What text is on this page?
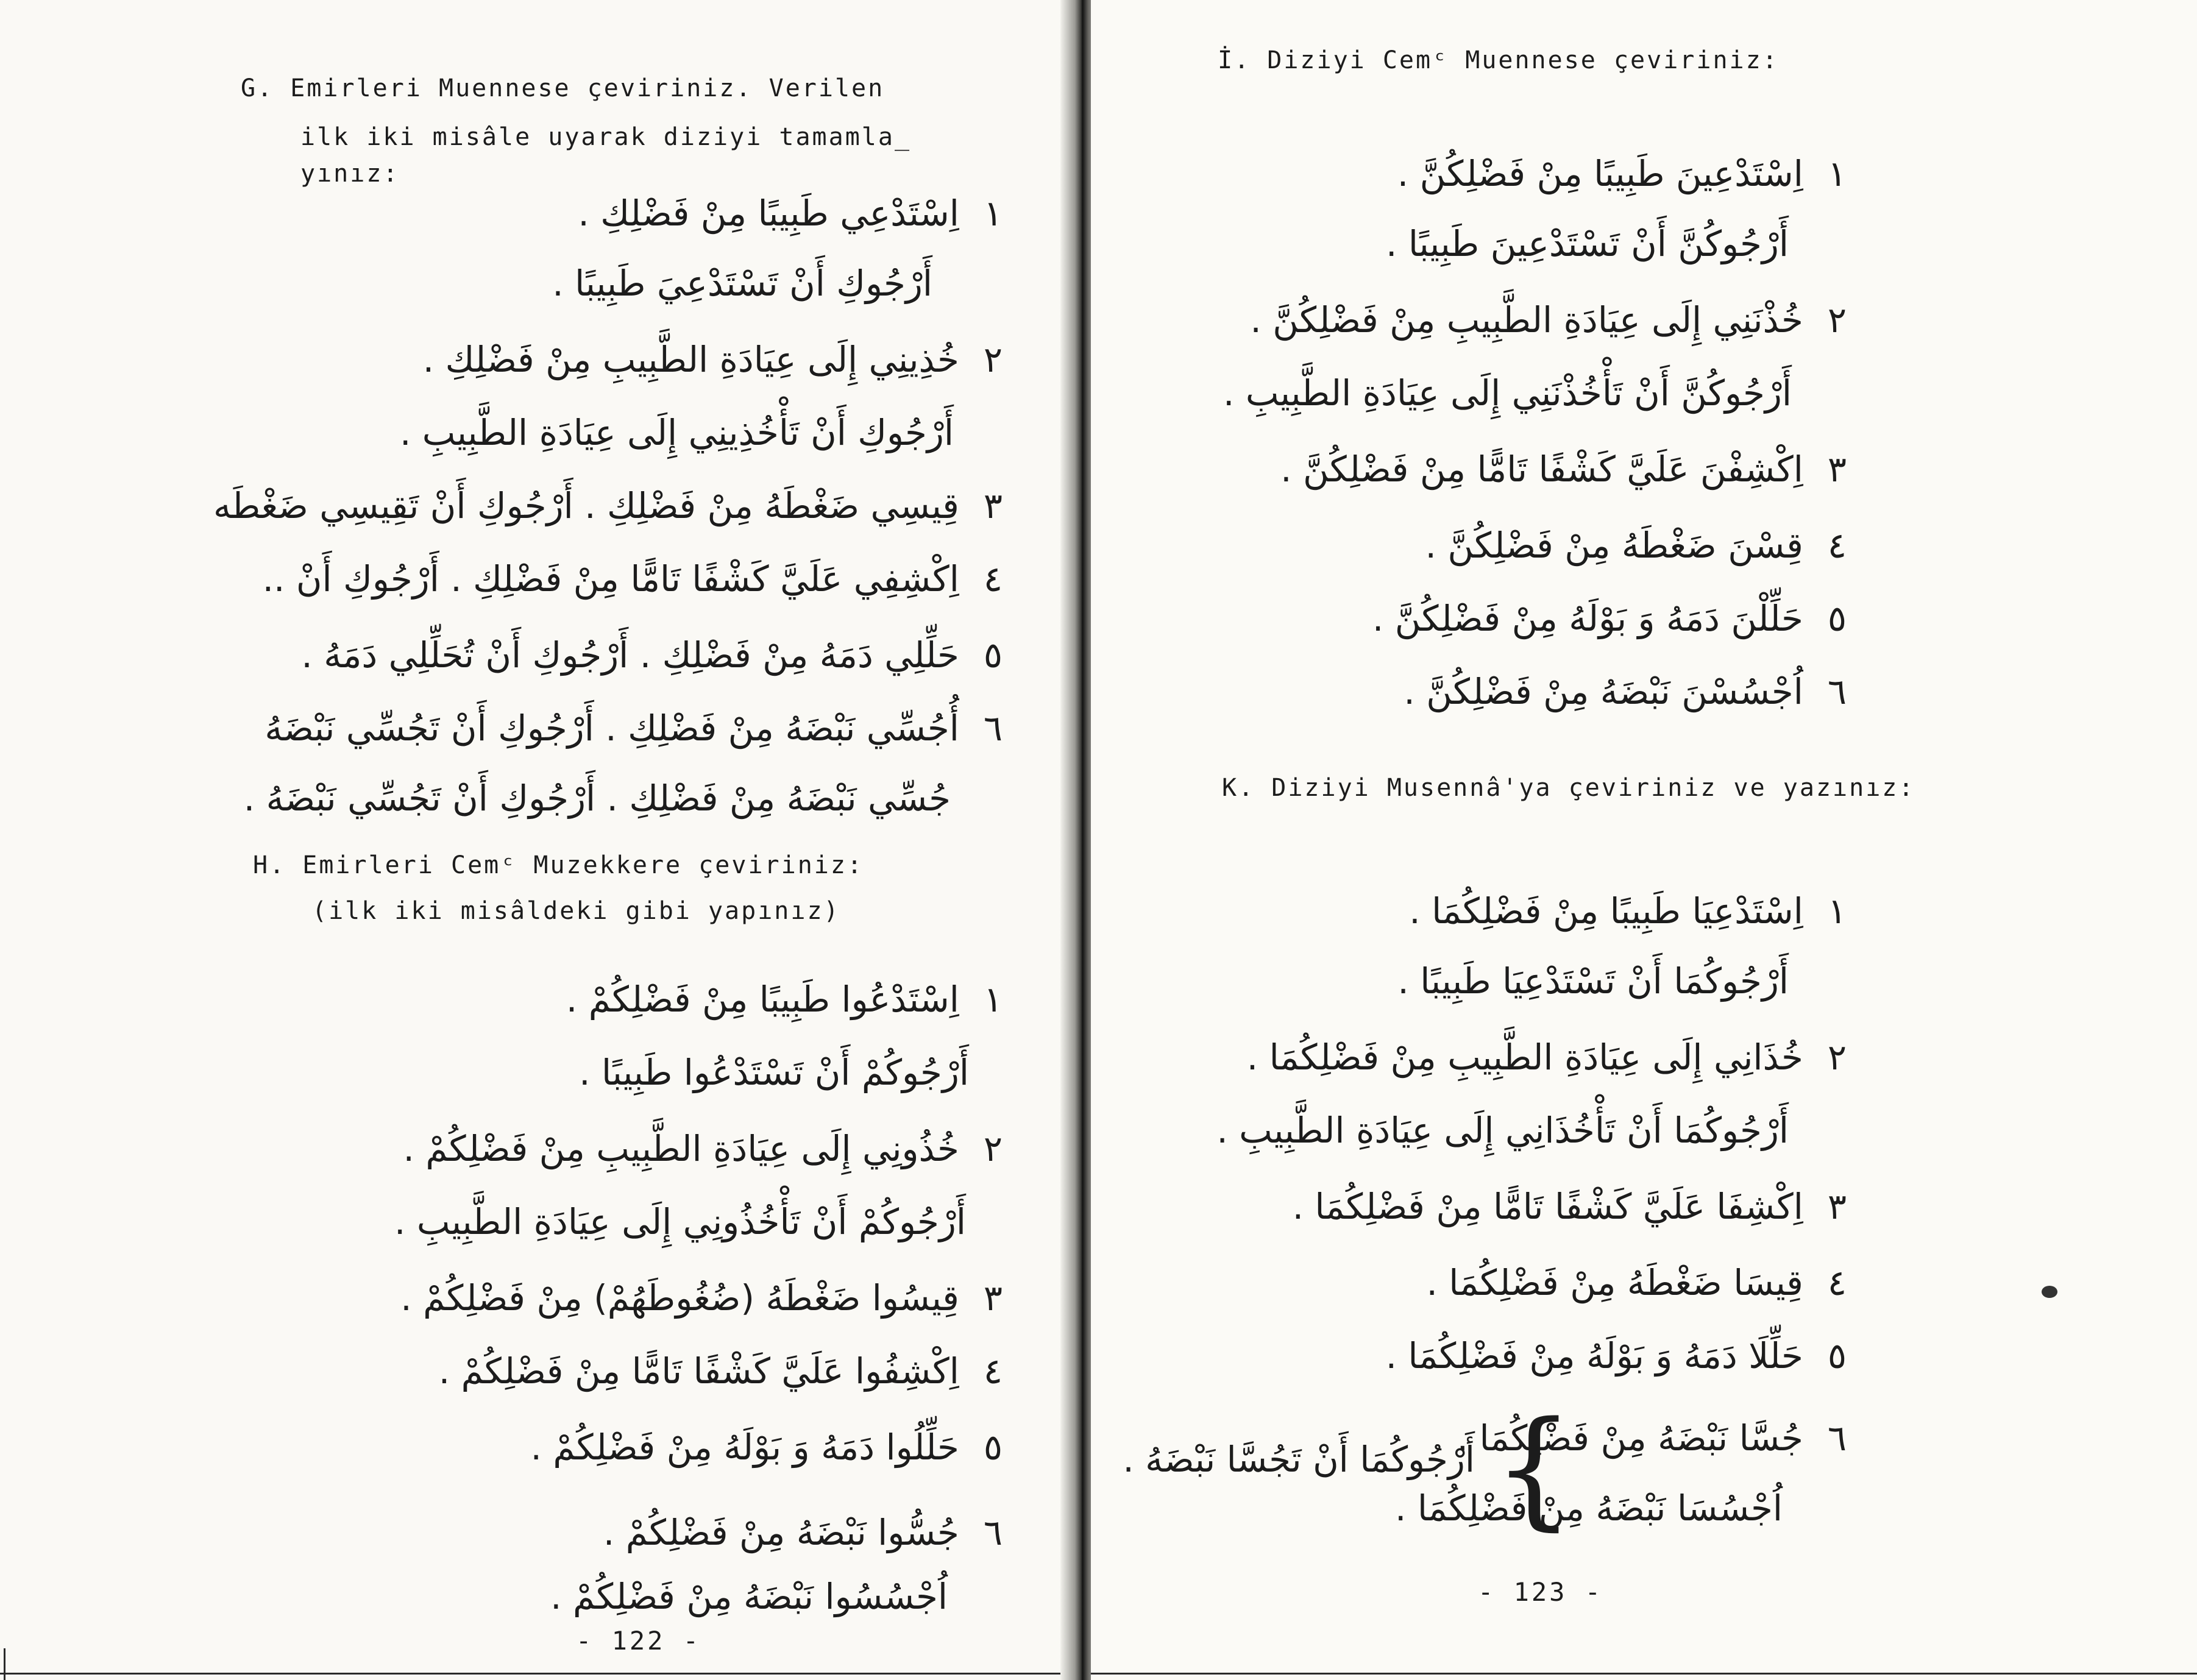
G. Emirleri Muennese çeviriniz. Verilen
ilk iki misâle uyarak diziyi tamamla_
yınız:
١اِسْتَدْعِي طَبِيبًا مِنْ فَضْلِكِ .
أَرْجُوكِ أَنْ تَسْتَدْعِيَ طَبِيبًا .
٢خُذِينِي إِلَى عِيَادَةِ الطَّبِيبِ مِنْ فَضْلِكِ .
أَرْجُوكِ أَنْ تَأْخُذِينِي إِلَى عِيَادَةِ الطَّبِيبِ .
٣قِيسِي ضَغْطَهُ مِنْ فَضْلِكِ . أَرْجُوكِ أَنْ تَقِيسِي ضَغْطَه
٤اِكْشِفِي عَلَيَّ كَشْفًا تَامًّا مِنْ فَضْلِكِ . أَرْجُوكِ أَنْ ..
٥حَلِّلِي دَمَهُ مِنْ فَضْلِكِ . أَرْجُوكِ أَنْ تُحَلِّلِي دَمَهُ .
٦أُجُسِّي نَبْضَهُ مِنْ فَضْلِكِ . أَرْجُوكِ أَنْ تَجُسِّي نَبْضَهُ
جُسِّي نَبْضَهُ مِنْ فَضْلِكِ . أَرْجُوكِ أَنْ تَجُسِّي نَبْضَهُ .
H. Emirleri Cemᶜ Muzekkere çeviriniz:
(ilk iki misâldeki gibi yapınız)
١اِسْتَدْعُوا طَبِيبًا مِنْ فَضْلِكُمْ .
أَرْجُوكُمْ أَنْ تَسْتَدْعُوا طَبِيبًا .
٢خُذُونِي إِلَى عِيَادَةِ الطَّبِيبِ مِنْ فَضْلِكُمْ .
أَرْجُوكُمْ أَنْ تَأْخُذُونِي إِلَى عِيَادَةِ الطَّبِيبِ .
٣قِيسُوا ضَغْطَهُ (ضُغُوطَهُمْ) مِنْ فَضْلِكُمْ .
٤اِكْشِفُوا عَلَيَّ كَشْفًا تَامًّا مِنْ فَضْلِكُمْ .
٥حَلِّلُوا دَمَهُ وَ بَوْلَهُ مِنْ فَضْلِكُمْ .
٦جُسُّوا نَبْضَهُ مِنْ فَضْلِكُمْ .
اُجْسُسُوا نَبْضَهُ مِنْ فَضْلِكُمْ .
- 122 -
İ. Diziyi Cemᶜ Muennese çeviriniz:
١اِسْتَدْعِينَ طَبِيبًا مِنْ فَضْلِكُنَّ .
أَرْجُوكُنَّ أَنْ تَسْتَدْعِينَ طَبِيبًا .
٢خُذْنَنِي إِلَى عِيَادَةِ الطَّبِيبِ مِنْ فَضْلِكُنَّ .
أَرْجُوكُنَّ أَنْ تَأْخُذْنَنِي إِلَى عِيَادَةِ الطَّبِيبِ .
٣اِكْشِفْنَ عَلَيَّ كَشْفًا تَامًّا مِنْ فَضْلِكُنَّ .
٤قِسْنَ ضَغْطَهُ مِنْ فَضْلِكُنَّ .
٥حَلِّلْنَ دَمَهُ وَ بَوْلَهُ مِنْ فَضْلِكُنَّ .
٦اُجْسُسْنَ نَبْضَهُ مِنْ فَضْلِكُنَّ .
K. Diziyi Musennâ'ya çeviriniz ve yazınız:
١اِسْتَدْعِيَا طَبِيبًا مِنْ فَضْلِكُمَا .
أَرْجُوكُمَا أَنْ تَسْتَدْعِيَا طَبِيبًا .
٢خُذَانِي إِلَى عِيَادَةِ الطَّبِيبِ مِنْ فَضْلِكُمَا .
أَرْجُوكُمَا أَنْ تَأْخُذَانِي إِلَى عِيَادَةِ الطَّبِيبِ .
٣اِكْشِفَا عَلَيَّ كَشْفًا تَامًّا مِنْ فَضْلِكُمَا .
٤قِيسَا ضَغْطَهُ مِنْ فَضْلِكُمَا .
٥حَلِّلَا دَمَهُ وَ بَوْلَهُ مِنْ فَضْلِكُمَا .
٦جُسَّا نَبْضَهُ مِنْ فَضْلِكُمَا .
اُجْسُسَا نَبْضَهُ مِنْ فَضْلِكُمَا .
{
أَرْجُوكُمَا أَنْ تَجُسَّا نَبْضَهُ .
- 123 -
